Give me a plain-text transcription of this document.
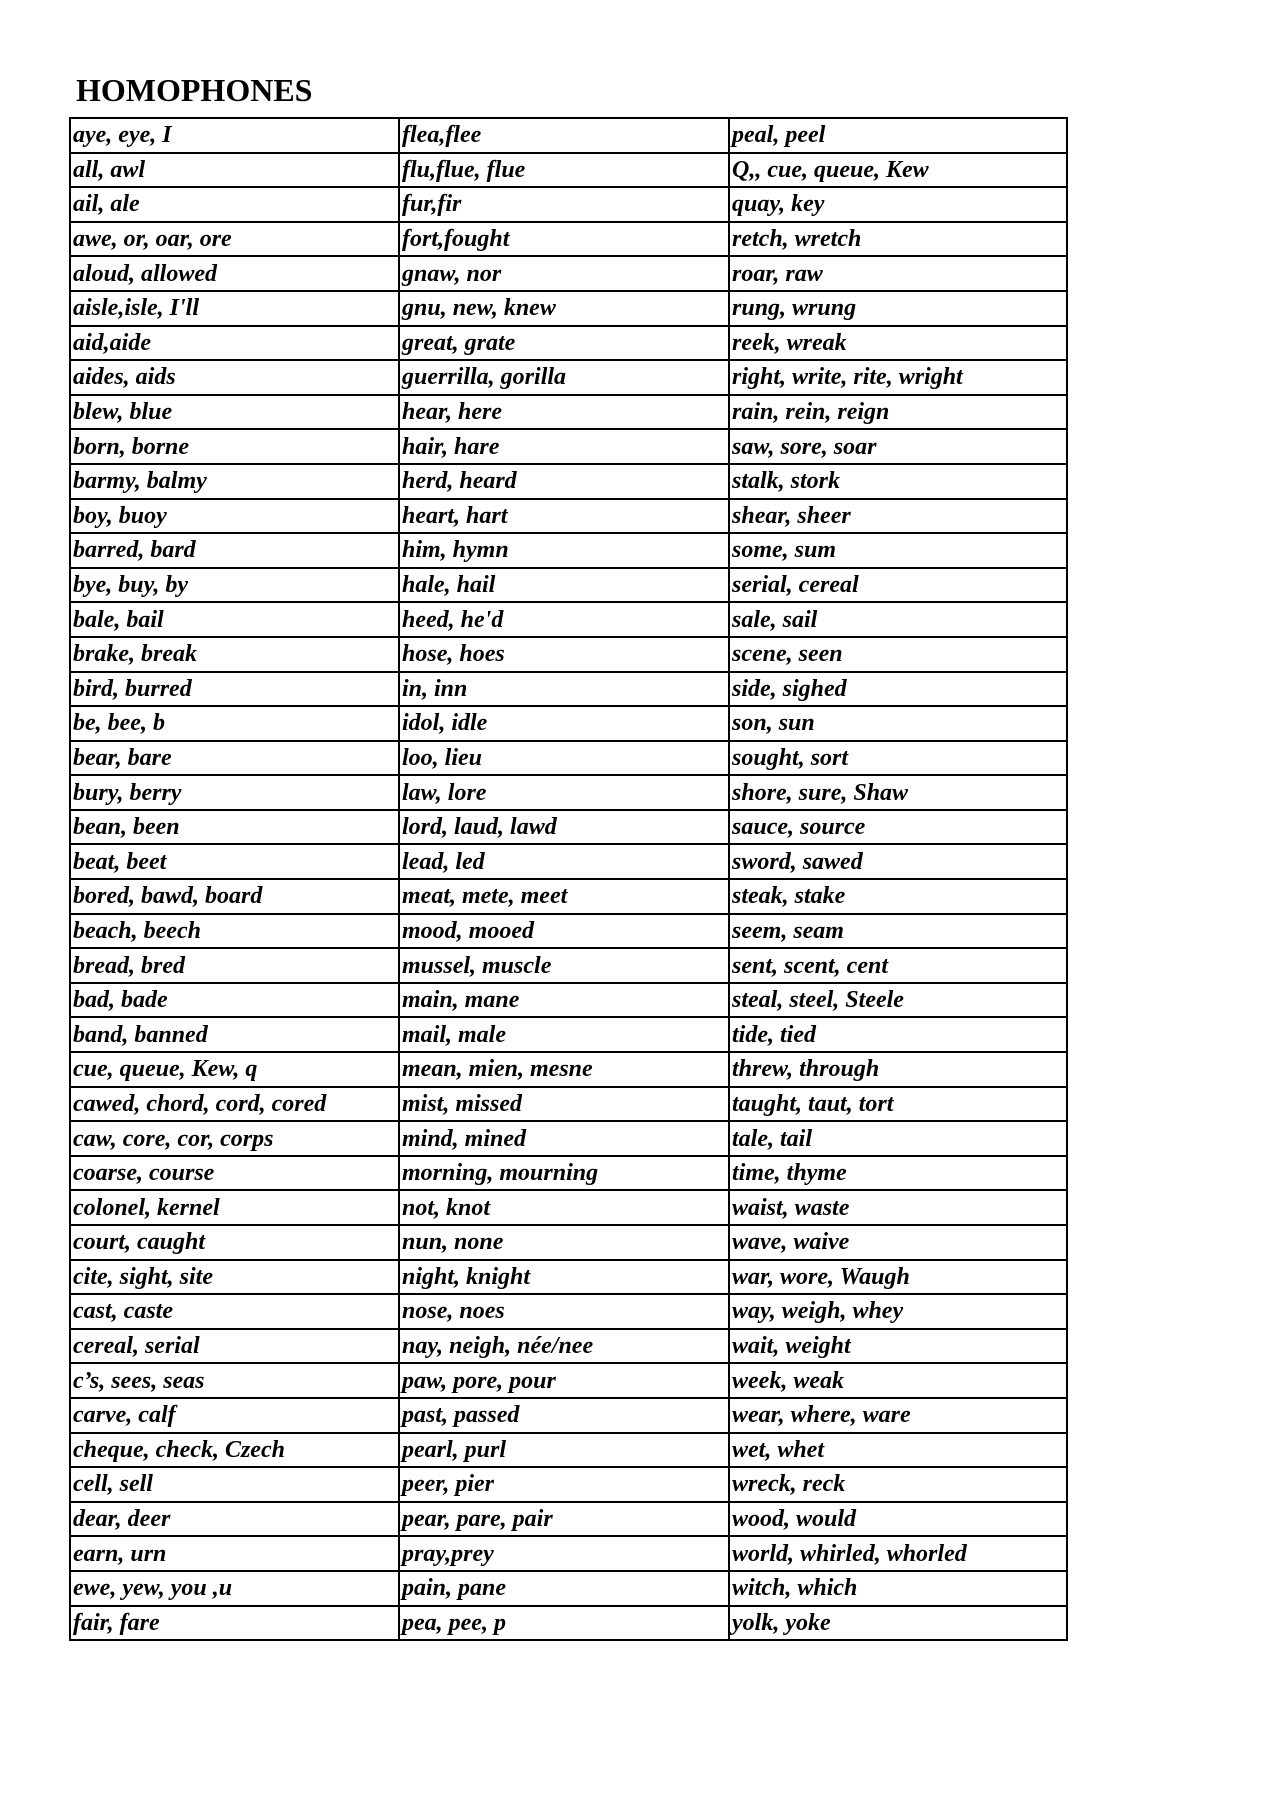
HOMOPHONES
aye, eye, I	flea,flee	peal, peel
all, awl	flu,flue, flue	Q,, cue, queue, Kew
ail, ale	fur,fir	quay, key
awe, or, oar, ore	fort,fought	retch, wretch
aloud, allowed	gnaw, nor	roar, raw
aisle,isle, I'll	gnu, new, knew	rung, wrung
aid,aide	great, grate	reek, wreak
aides, aids	guerrilla, gorilla	right, write, rite, wright
blew, blue	hear, here	rain, rein, reign
born, borne	hair, hare	saw, sore, soar
barmy, balmy	herd, heard	stalk, stork
boy, buoy	heart, hart	shear, sheer
barred, bard	him, hymn	some, sum
bye, buy, by	hale, hail	serial, cereal
bale, bail	heed, he'd	sale, sail
brake, break	hose, hoes	scene, seen
bird, burred	in, inn	side, sighed
be, bee, b	idol, idle	son, sun
bear, bare	loo, lieu	sought, sort
bury, berry	law, lore	shore, sure, Shaw
bean, been	lord, laud, lawd	sauce, source
beat, beet	lead, led	sword, sawed
bored, bawd, board	meat, mete, meet	steak, stake
beach, beech	mood, mooed	seem, seam
bread, bred	mussel, muscle	sent, scent, cent
bad, bade	main, mane	steal, steel, Steele
band, banned	mail, male	tide, tied
cue, queue, Kew, q	mean, mien, mesne	threw, through
cawed, chord, cord, cored	mist, missed	taught, taut, tort
caw, core, cor, corps	mind, mined	tale, tail
coarse, course	morning, mourning	time, thyme
colonel, kernel	not, knot	waist, waste
court, caught	nun, none	wave, waive
cite, sight, site	night, knight	war, wore, Waugh
cast, caste	nose, noes	way, weigh, whey
cereal, serial	nay, neigh, née/nee	wait, weight
c’s, sees, seas	paw, pore, pour	week, weak
carve, calf	past, passed	wear, where, ware
cheque, check, Czech	pearl, purl	wet, whet
cell, sell	peer, pier	wreck, reck
dear, deer	pear, pare, pair	wood, would
earn, urn	pray,prey	world, whirled, whorled
ewe, yew, you ,u	pain, pane	witch, which
fair, fare	pea, pee, p	yolk, yoke
